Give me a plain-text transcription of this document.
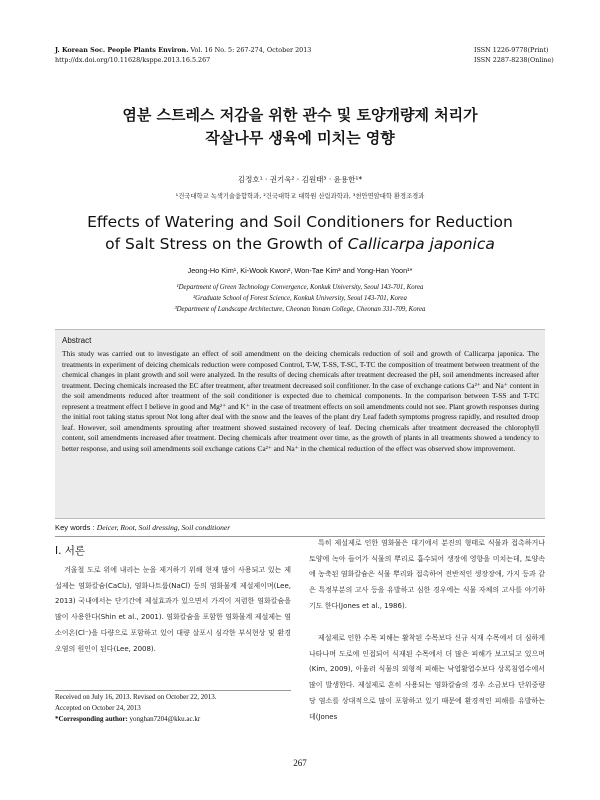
J. Korean Soc. People Plants Environ. Vol. 16 No. 5: 267-274, October 2013
http://dx.doi.org/10.11628/ksppe.2013.16.5.267
ISSN 1226-9778(Print)
ISSN 2287-8238(Online)
염분 스트레스 저감을 위한 관수 및 토양개량제 처리가
작살나무 생육에 미치는 영향
김정호¹ · 권기욱² · 김원태³ · 윤용한¹*
¹건국대학교 녹색기술융합학과, ²건국대학교 대학원 산림과학과, ³천안연암대학 환경조경과
Effects of Watering and Soil Conditioners for Reduction
of Salt Stress on the Growth of Callicarpa japonica
Jeong-Ho Kim¹, Ki-Wook Kwon², Won-Tae Kim³ and Yong-Han Yoon¹*
¹Department of Green Technology Convergence, Konkuk University, Seoul 143-701, Korea
²Graduate School of Forest Science, Konkuk University, Seoul 143-701, Korea
³Department of Landscape Architecture, Cheonan Yonam College, Cheonan 331-709, Korea
Abstract
This study was carried out to investigate an effect of soil amendment on the deicing chemicals reduction of soil and growth of Callicarpa japonica. The treatments in experiment of deicing chemicals reduction were composed Control, T-W, T-SS, T-SC, T-TC the composition of treatment between treatment of the chemical changes in plant growth and soil were analyzed. In the results of decing chemicals after treatment decreased the pH, soil amendments increased after treatment. Decing chemicals increased the EC after treatment, after treatment decreased soil confitioner. In the case of exchange cations Ca²⁺ and Na⁺ content in the soil amendments reduced after treatment of the soil conditioner is expected due to chemical components. In the comparison between T-SS and T-TC represent a treatment effect I believe in good and Mg²⁺ and K⁺ in the case of treatment effects on soil amendments could not see. Plant growth responses during the initial root taking status sprout Not long after deal with the snow and the leaves of the plant dry Leaf fadeth symptoms progress rapidly, and resulted droop leaf. However, soil amendments sprouting after treatment showed sustained recovery of leaf. Decing chemicals after treatment decreased the chlorophyll content, soil amendments increased after treatment. Decing chemicals after treatment over time, as the growth of plants in all treatments showed a tendency to better response, and using soil amendments soil exchange cations Ca²⁺ and Na⁺ in the chemical reduction of the effect was observed show improvement.
Key words : Deicer, Root, Soil dressing, Soil conditioner
Ⅰ. 서론
겨울철 도로 위에 내리는 눈을 제거하기 위해 현재 많이 사용되고 있는 제설제는 염화칼슘(CaCl₂), 염화나트륨(NaCl) 등의 염화물계 제설제이며(Lee, 2013) 국내에서는 단기간에 제설효과가 있으면서 가격이 저렴한 염화칼슘을 많이 사용한다(Shin et al., 2001). 염화칼슘을 포함한 염화물계 제설제는 염소이온(Cl⁻)을 다량으로 포함하고 있어 대량 살포시 심각한 부식현상 및 환경오염의 원인이 된다(Lee, 2008).
특히 제설제로 인한 염화물은 대기에서 분진의 형태로 식물과 접촉하거나 토양에 녹아 들어가 식물의 뿌리로 흡수되어 생장에 영향을 미치는데, 토양속에 농축된 염화칼슘은 식물 뿌리와 접촉하여 전반적인 생장장애, 가지 등과 같은 특정부분의 고사 등을 유발하고 심한 경우에는 식물 자체의 고사를 야기하기도 한다(Jones et al., 1986).
제설제로 인한 수목 피해는 활착된 수목보다 신규 식재 수목에서 더 심하게 나타나며 도로에 인접되어 식재된 수목에서 더 많은 피해가 보고되고 있으며(Kim, 2009), 아울러 식물의 외형적 피해는 낙엽활엽수보다 상록침엽수에서 많이 발생한다. 제설제로 흔히 사용되는 염화칼슘의 경우 소금보다 단위중량당 염소를 상대적으로 많이 포함하고 있기 때문에 환경적인 피해를 유발하는데(Jones
Received on July 16, 2013. Revised on October 22, 2013.
Accepted on October 24, 2013
*Corresponding author: yonghan7204@kku.ac.kr
267
